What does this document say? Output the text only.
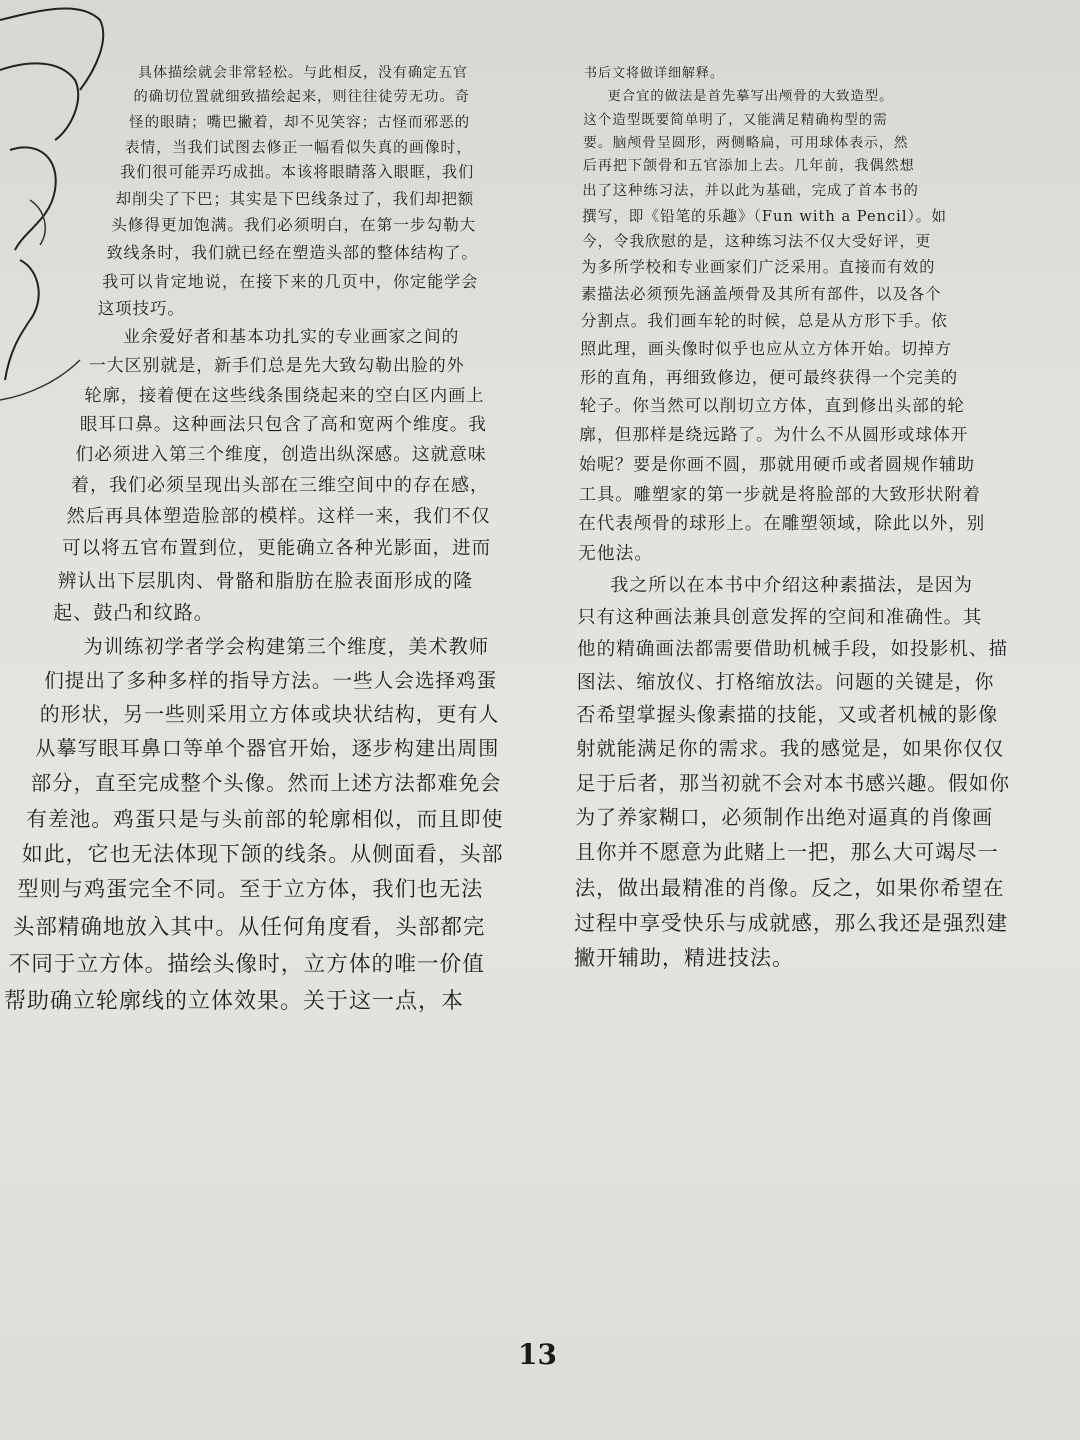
具体描绘就会非常轻松。与此相反，没有确定五官
的确切位置就细致描绘起来，则往往徒劳无功。奇
怪的眼睛；嘴巴撇着，却不见笑容；古怪而邪恶的
表情，当我们试图去修正一幅看似失真的画像时，
我们很可能弄巧成拙。本该将眼睛落入眼眶，我们
却削尖了下巴；其实是下巴线条过了，我们却把额
头修得更加饱满。我们必须明白，在第一步勾勒大
致线条时，我们就已经在塑造头部的整体结构了。
我可以肯定地说，在接下来的几页中，你定能学会
这项技巧。
业余爱好者和基本功扎实的专业画家之间的
一大区别就是，新手们总是先大致勾勒出脸的外
轮廓，接着便在这些线条围绕起来的空白区内画上
眼耳口鼻。这种画法只包含了高和宽两个维度。我
们必须进入第三个维度，创造出纵深感。这就意味
着，我们必须呈现出头部在三维空间中的存在感，
然后再具体塑造脸部的模样。这样一来，我们不仅
可以将五官布置到位，更能确立各种光影面，进而
辨认出下层肌肉、骨骼和脂肪在脸表面形成的隆
起、鼓凸和纹路。
为训练初学者学会构建第三个维度，美术教师
们提出了多种多样的指导方法。一些人会选择鸡蛋
的形状，另一些则采用立方体或块状结构，更有人
从摹写眼耳鼻口等单个器官开始，逐步构建出周围
部分，直至完成整个头像。然而上述方法都难免会
有差池。鸡蛋只是与头前部的轮廓相似，而且即使
如此，它也无法体现下颌的线条。从侧面看，头部
型则与鸡蛋完全不同。至于立方体，我们也无法
头部精确地放入其中。从任何角度看，头部都完
不同于立方体。描绘头像时，立方体的唯一价值
帮助确立轮廓线的立体效果。关于这一点，本
书后文将做详细解释。
更合宜的做法是首先摹写出颅骨的大致造型。
这个造型既要简单明了，又能满足精确构型的需
要。脑颅骨呈圆形，两侧略扁，可用球体表示，然
后再把下颌骨和五官添加上去。几年前，我偶然想
出了这种练习法，并以此为基础，完成了首本书的
撰写，即《铅笔的乐趣》（Fun with a Pencil）。如
今，令我欣慰的是，这种练习法不仅大受好评，更
为多所学校和专业画家们广泛采用。直接而有效的
素描法必须预先涵盖颅骨及其所有部件，以及各个
分割点。我们画车轮的时候，总是从方形下手。依
照此理，画头像时似乎也应从立方体开始。切掉方
形的直角，再细致修边，便可最终获得一个完美的
轮子。你当然可以削切立方体，直到修出头部的轮
廓，但那样是绕远路了。为什么不从圆形或球体开
始呢？要是你画不圆，那就用硬币或者圆规作辅助
工具。雕塑家的第一步就是将脸部的大致形状附着
在代表颅骨的球形上。在雕塑领域，除此以外，别
无他法。
我之所以在本书中介绍这种素描法，是因为
只有这种画法兼具创意发挥的空间和准确性。其
他的精确画法都需要借助机械手段，如投影机、描
图法、缩放仪、打格缩放法。问题的关键是，你
否希望掌握头像素描的技能，又或者机械的影像
射就能满足你的需求。我的感觉是，如果你仅仅
足于后者，那当初就不会对本书感兴趣。假如你
为了养家糊口，必须制作出绝对逼真的肖像画
且你并不愿意为此赌上一把，那么大可竭尽一
法，做出最精准的肖像。反之，如果你希望在
过程中享受快乐与成就感，那么我还是强烈建
撇开辅助，精进技法。
13
